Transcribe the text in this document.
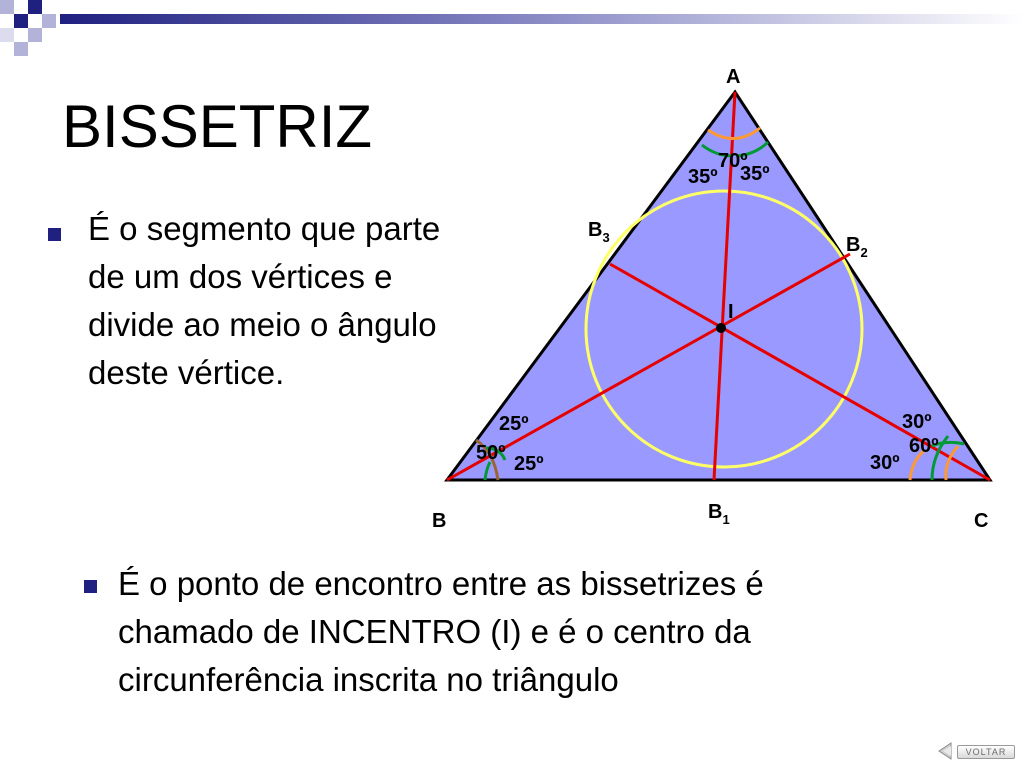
BISSETRIZ
É o segmento que parte
de um dos vértices e
divide ao meio o ângulo
deste vértice.
É o ponto de encontro entre as bissetrizes é
chamado de INCENTRO (I) e é o centro da
circunferência inscrita no triângulo
A
B	C
I
$B_1$
$B_2$
$B_3$
70º
35º 35º
25º
50º 25º
30º
60º
30º
VOLTAR
